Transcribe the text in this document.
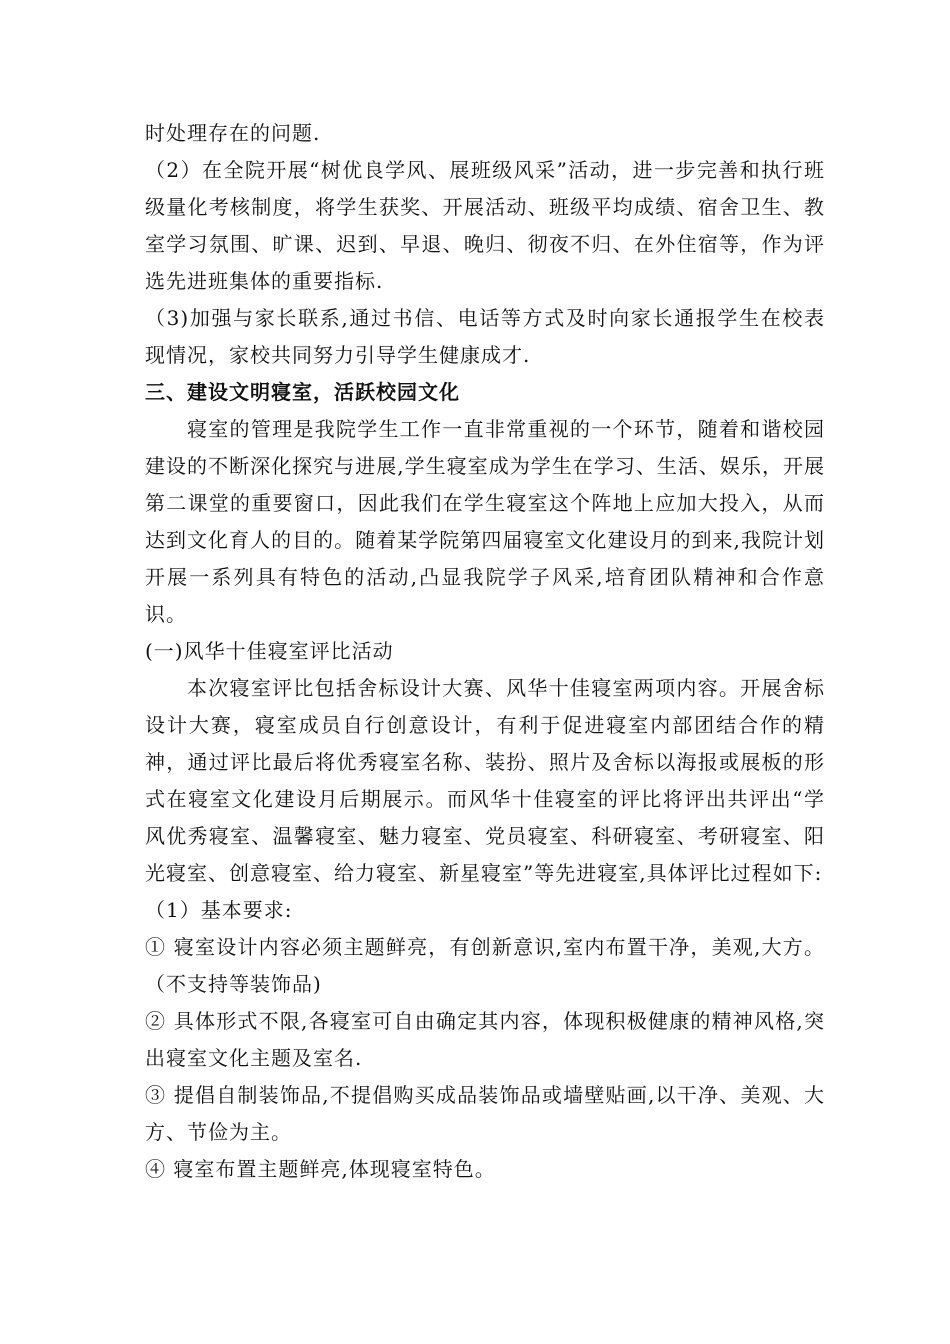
时处理存在的问题.

（2）在全院开展“树优良学风、展班级风采”活动，进一步完善和执行班级量化考核制度，将学生获奖、开展活动、班级平均成绩、宿舍卫生、教室学习氛围、旷课、迟到、早退、晚归、彻夜不归、在外住宿等，作为评选先进班集体的重要指标.

（3)加强与家长联系,通过书信、电话等方式及时向家长通报学生在校表现情况，家校共同努力引导学生健康成才.

三、建设文明寝室，活跃校园文化

寝室的管理是我院学生工作一直非常重视的一个环节，随着和谐校园建设的不断深化探究与进展,学生寝室成为学生在学习、生活、娱乐，开展第二课堂的重要窗口，因此我们在学生寝室这个阵地上应加大投入，从而达到文化育人的目的。随着某学院第四届寝室文化建设月的到来,我院计划开展一系列具有特色的活动,凸显我院学子风采,培育团队精神和合作意识。

(一)风华十佳寝室评比活动

本次寝室评比包括舍标设计大赛、风华十佳寝室两项内容。开展舍标设计大赛，寝室成员自行创意设计，有利于促进寝室内部团结合作的精神，通过评比最后将优秀寝室名称、装扮、照片及舍标以海报或展板的形式在寝室文化建设月后期展示。而风华十佳寝室的评比将评出共评出“学风优秀寝室、温馨寝室、魅力寝室、党员寝室、科研寝室、考研寝室、阳光寝室、创意寝室、给力寝室、新星寝室”等先进寝室,具体评比过程如下:

（1）基本要求:

① 寝室设计内容必须主题鲜亮，有创新意识,室内布置干净，美观,大方。（不支持等装饰品)

② 具体形式不限,各寝室可自由确定其内容，体现积极健康的精神风格,突出寝室文化主题及室名.

③ 提倡自制装饰品,不提倡购买成品装饰品或墙壁贴画,以干净、美观、大方、节俭为主。

④ 寝室布置主题鲜亮,体现寝室特色。
